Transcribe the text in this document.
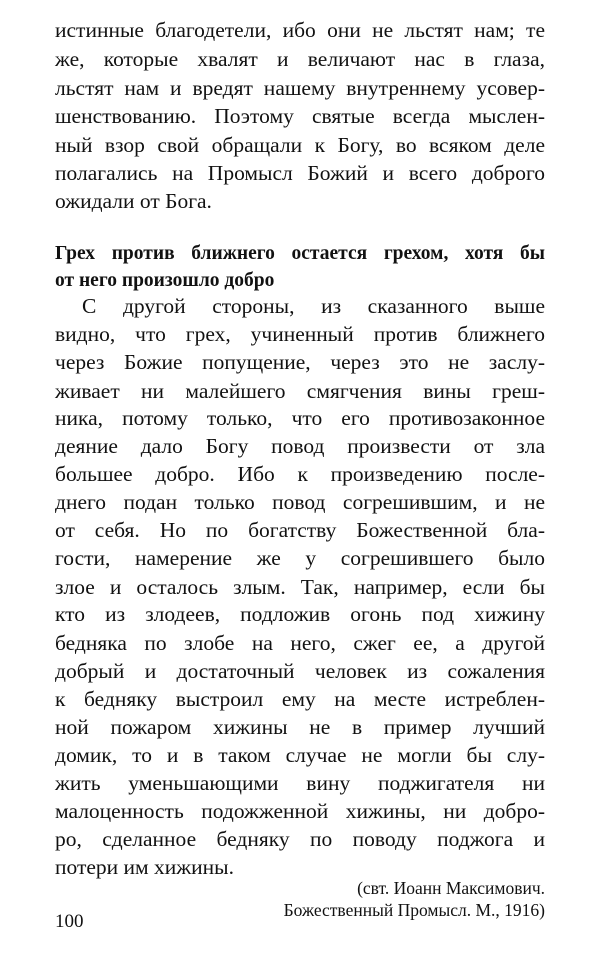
истинные благодетели, ибо они не льстят нам; те
же, которые хвалят и величают нас в глаза,
льстят нам и вредят нашему внутреннему усовер-
шенствованию. Поэтому святые всегда мыслен-
ный взор свой обращали к Богу, во всяком деле
полагались на Промысл Божий и всего доброго
ожидали от Бога.
Грех против ближнего остается грехом, хотя бы
от него произошло добро
С другой стороны, из сказанного выше
видно, что грех, учиненный против ближнего
через Божие попущение, через это не заслу-
живает ни малейшего смягчения вины греш-
ника, потому только, что его противозаконное
деяние дало Богу повод произвести от зла
большее добро. Ибо к произведению после-
днего подан только повод согрешившим, и не
от себя. Но по богатству Божественной бла-
гости, намерение же у согрешившего было
злое и осталось злым. Так, например, если бы
кто из злодеев, подложив огонь под хижину
бедняка по злобе на него, сжег ее, а другой
добрый и достаточный человек из сожаления
к бедняку выстроил ему на месте истреблен-
ной пожаром хижины не в пример лучший
домик, то и в таком случае не могли бы слу-
жить уменьшающими вину поджигателя ни
малоценность подожженной хижины, ни добро-
ро, сделанное бедняку по поводу поджога и
потери им хижины.
(свт. Иоанн Максимович.
Божественный Промысл. М., 1916)
100
